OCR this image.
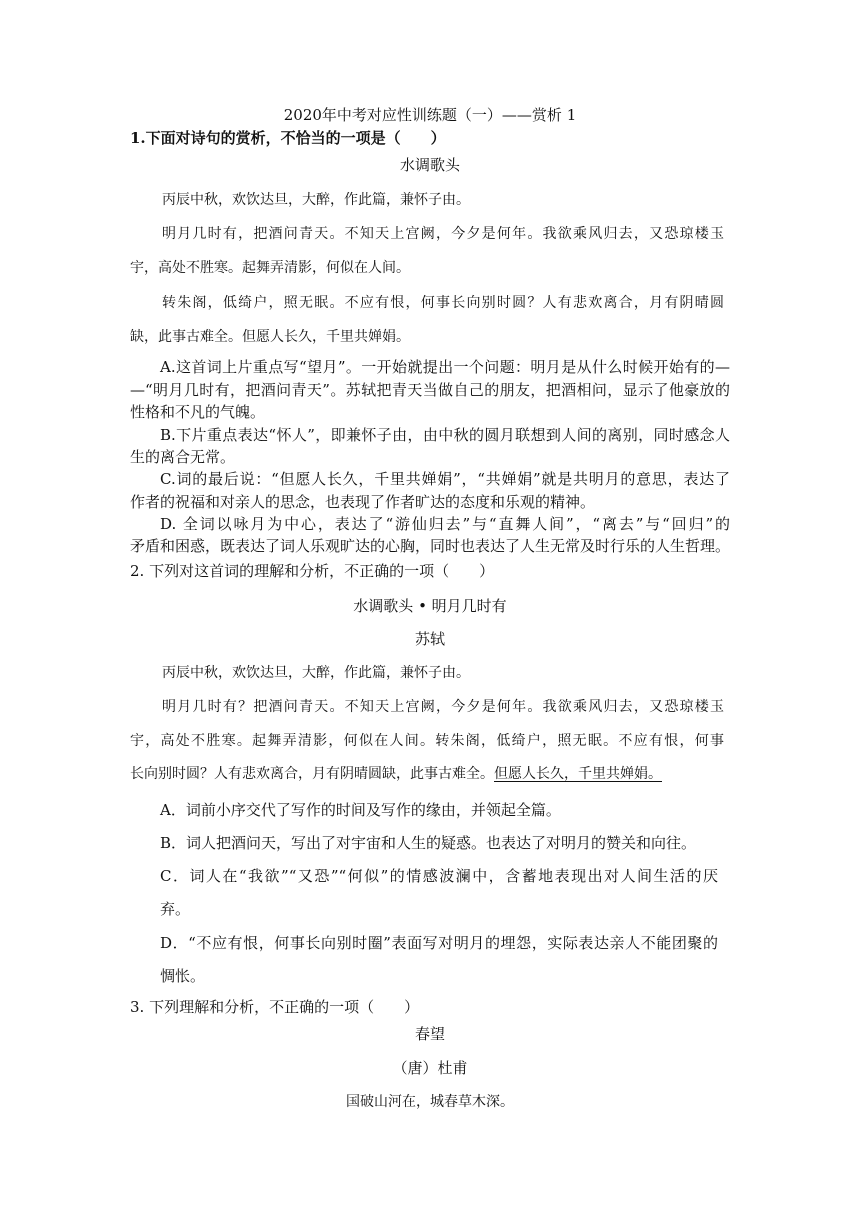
2020年中考对应性训练题（一）——赏析 1
1.下面对诗句的赏析，不恰当的一项是（　　）
水调歌头
丙辰中秋，欢饮达旦，大醉，作此篇，兼怀子由。
明月几时有，把酒问青天。不知天上宫阙，今夕是何年。我欲乘风归去，又恐琼楼玉
宇，高处不胜寒。起舞弄清影，何似在人间。
转朱阁，低绮户，照无眠。不应有恨，何事长向别时圆？人有悲欢离合，月有阴晴圆
缺，此事古难全。但愿人长久，千里共婵娟。
A.这首词上片重点写“望月”。一开始就提出一个问题：明月是从什么时候开始有的—
—“明月几时有，把酒问青天”。苏轼把青天当做自己的朋友，把酒相问，显示了他豪放的
性格和不凡的气魄。
B.下片重点表达“怀人”，即兼怀子由，由中秋的圆月联想到人间的离别，同时感念人
生的离合无常。
C.词的最后说：“但愿人长久，千里共婵娟”，“共婵娟”就是共明月的意思，表达了
作者的祝福和对亲人的思念，也表现了作者旷达的态度和乐观的精神。
D. 全词以咏月为中心，表达了“游仙归去”与“直舞人间”，“离去”与“回归”的
矛盾和困惑，既表达了词人乐观旷达的心胸，同时也表达了人生无常及时行乐的人生哲理。
2. 下列对这首词的理解和分析，不正确的一项（　　）
水调歌头 • 明月几时有
苏轼
丙辰中秋，欢饮达旦，大醉，作此篇，兼怀子由。
明月几时有？把酒问青天。不知天上宫阙，今夕是何年。我欲乘风归去，又恐琼楼玉
宇，高处不胜寒。起舞弄清影，何似在人间。转朱阁，低绮户，照无眠。不应有恨，何事
长向别时圆？人有悲欢离合，月有阴晴圆缺，此事古难全。但愿人长久，千里共婵娟。
A．词前小序交代了写作的时间及写作的缘由，并领起全篇。
B．词人把酒问天，写出了对宇宙和人生的疑惑。也表达了对明月的赞关和向往。
C．词人在“我欲”“又恐”“何似”的情感波澜中，含蓄地表现出对人间生活的厌
弃。
D．“不应有恨，何事长向别时圈”表面写对明月的埋怨，实际表达亲人不能团聚的
惆怅。
3. 下列理解和分析，不正确的一项（　　）
春望
（唐）杜甫
国破山河在，城春草木深。
